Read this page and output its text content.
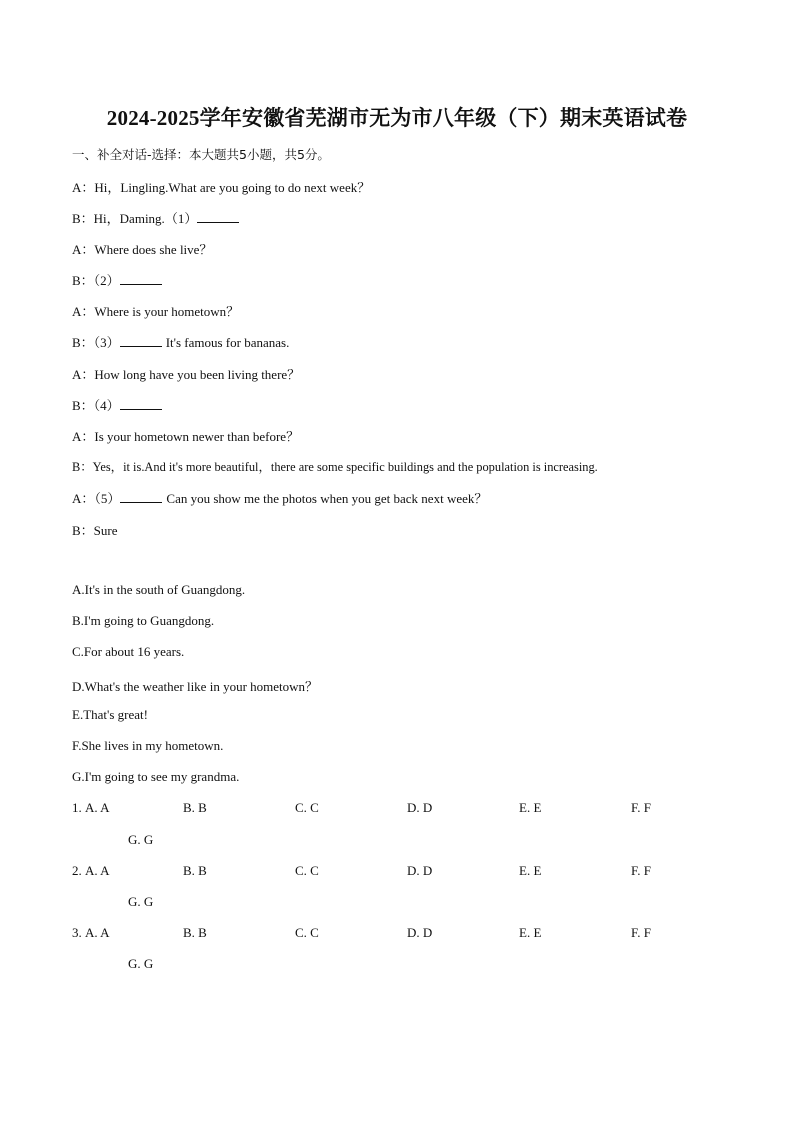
2024-2025学年安徽省芜湖市无为市八年级（下）期末英语试卷
一、补全对话-选择：本大题共5小题，共5分。
A：Hi，Lingling.What are you going to do next week？
B：Hi，Daming.（1）
A：Where does she live？
B：（2）
A：Where is your hometown？
B：（3）	It's famous for bananas.
A：How long have you been living there？
B：（4）
A：Is your hometown newer than before？
B：Yes，it is.And it's more beautiful，there are some specific buildings and the population is increasing.
A：（5）	Can you show me the photos when you get back next week？
B：Sure
A.It's in the south of Guangdong.
B.I'm going to Guangdong.
C.For about 16 years.
D.What's the weather like in your hometown？
E.That's great!
F.She lives in my hometown.
G.I'm going to see my grandma.
1. A. A	B. B	C. C	D. D	E. E	F. F
G. G
2. A. A	B. B	C. C	D. D	E. E	F. F
G. G
3. A. A	B. B	C. C	D. D	E. E	F. F
G. G
